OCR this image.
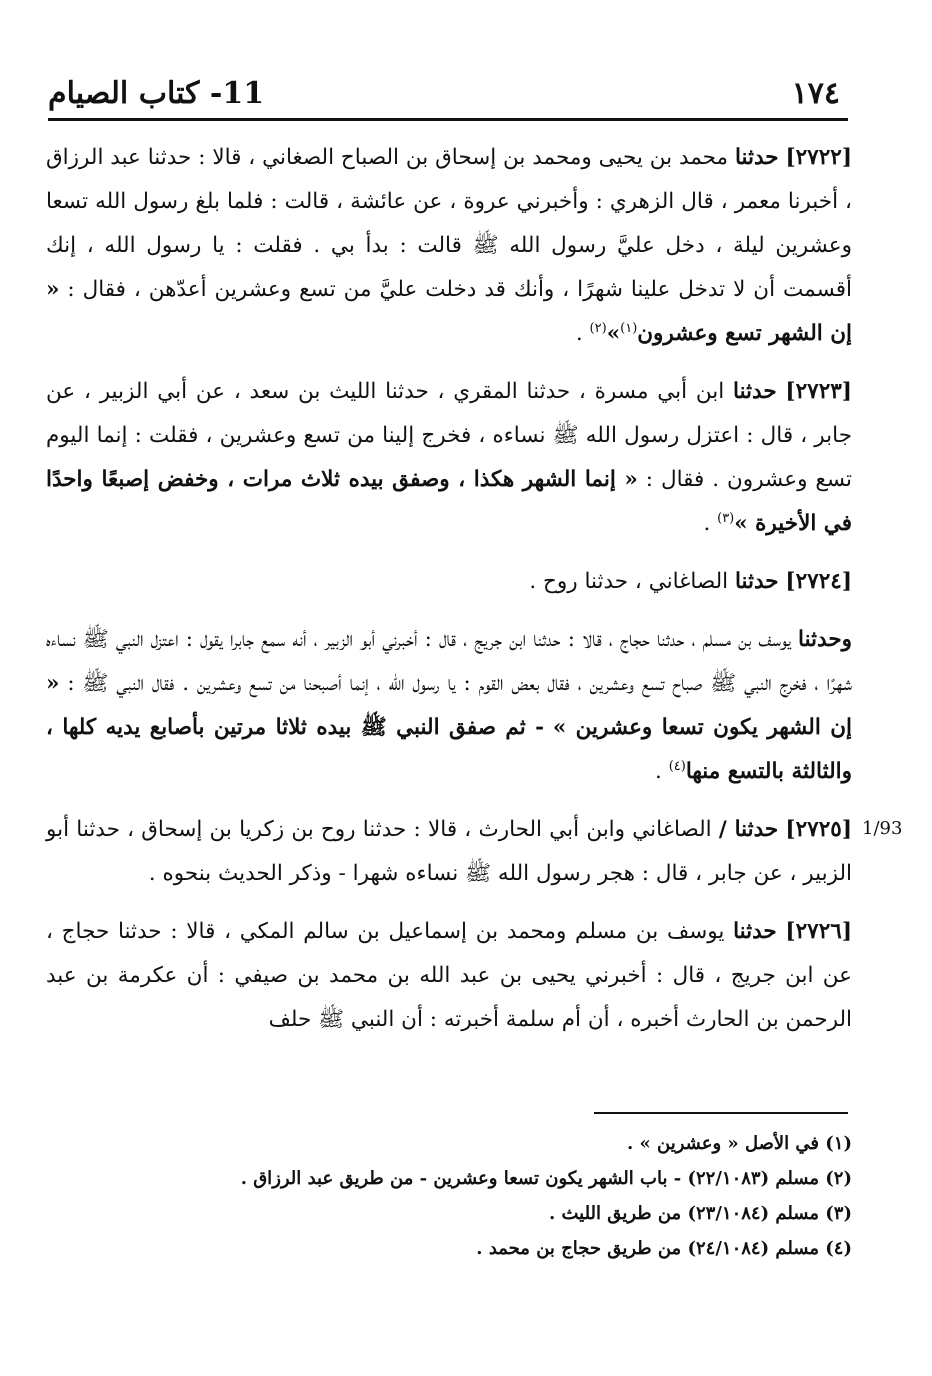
١٧٤
11- كتاب الصيام
1/93

[٢٧٢٢] حدثنا محمد بن يحيى ومحمد بن إسحاق بن الصباح الصغاني ، قالا : حدثنا عبد الرزاق ، أخبرنا معمر ، قال الزهري : وأخبرني عروة ، عن عائشة ، قالت : فلما بلغ رسول الله تسعا وعشرين ليلة ، دخل عليَّ رسول الله ﷺ قالت : بدأ بي . فقلت : يا رسول الله ، إنك أقسمت أن لا تدخل علينا شهرًا ، وأنك قد دخلت عليَّ من تسع وعشرين أعدّهن ، فقال : « إن الشهر تسع وعشرون$^{(١)}$»$^{(٢)}$ .

[٢٧٢٣] حدثنا ابن أبي مسرة ، حدثنا المقري ، حدثنا الليث بن سعد ، عن أبي الزبير ، عن جابر ، قال : اعتزل رسول الله ﷺ نساءه ، فخرج إلينا من تسع وعشرين ، فقلت : إنما اليوم تسع وعشرون . فقال : « إنما الشهر هكذا ، وصفق بيده ثلاث مرات ، وخفض إصبعًا واحدًا في الأخيرة »$^{(٣)}$ .

[٢٧٢٤] حدثنا الصاغاني ، حدثنا روح .

وحدثنا يوسف بن مسلم ، حدثنا حجاج ، قالا : حدثنا ابن جريج ، قال : أخبرني أبو الزبير ، أنه سمع جابرا يقول : اعتزل النبي ﷺ نساءه شهرًا ، فخرج النبي ﷺ صباح تسع وعشرين ، فقال بعض القوم : يا رسول الله ، إنما أصبحنا من تسع وعشرين . فقال النبي ﷺ : « إن الشهر يكون تسعا وعشرين » - ثم صفق النبي ﷺ بيده ثلاثا مرتين بأصابع يديه كلها ، والثالثة بالتسع منها$^{(٤)}$ .

[٢٧٢٥] حدثنا / الصاغاني وابن أبي الحارث ، قالا : حدثنا روح بن زكريا بن إسحاق ، حدثنا أبو الزبير ، عن جابر ، قال : هجر رسول الله ﷺ نساءه شهرا - وذكر الحديث بنحوه .

[٢٧٢٦] حدثنا يوسف بن مسلم ومحمد بن إسماعيل بن سالم المكي ، قالا : حدثنا حجاج ، عن ابن جريج ، قال : أخبرني يحيى بن عبد الله بن محمد بن صيفي : أن عكرمة بن عبد الرحمن بن الحارث أخبره ، أن أم سلمة أخبرته : أن النبي ﷺ حلف

(١) في الأصل « وعشرين » .

(٢) مسلم (٢٢/١٠٨٣) - باب الشهر يكون تسعا وعشرين - من طريق عبد الرزاق .

(٣) مسلم (٢٣/١٠٨٤) من طريق الليث .

(٤) مسلم (٢٤/١٠٨٤) من طريق حجاج بن محمد .
